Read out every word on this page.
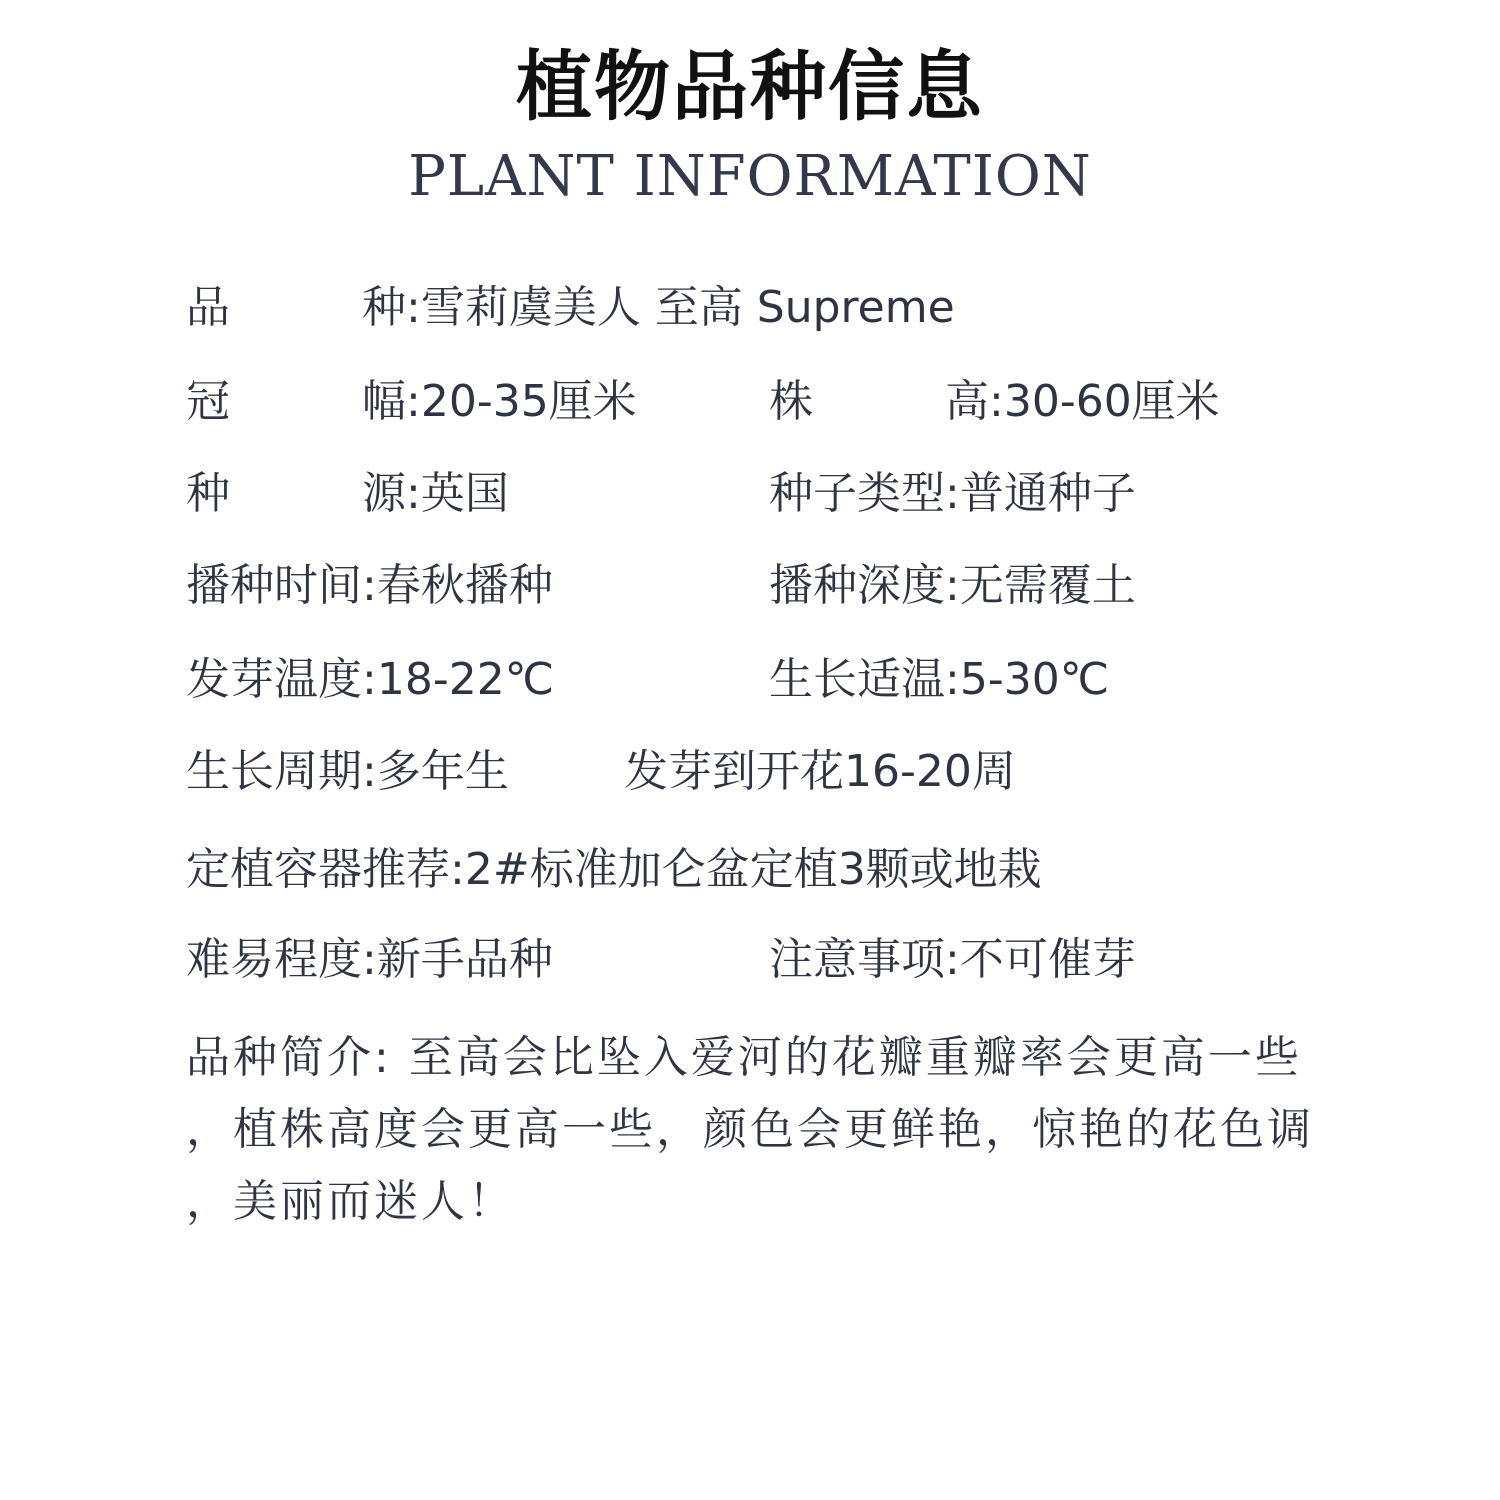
植物品种信息
PLANT INFORMATION
品	种 :雪莉虞美人 至高 Supreme
冠	幅 :20-35厘米	株	高 :30-60厘米
种	源 :英国	种子类型:普通种子
播种时间:春秋播种	播种深度:无需覆土
发芽温度:18-22℃	生长适温:5-30℃
生长周期:多年生	发芽到开花16-20周
定植容器推荐:2#标准加仑盆定植3颗或地栽
难易程度:新手品种	注意事项:不可催芽
品种简介: 至高会比坠入爱河的花瓣重瓣率会更高一些
，植株高度会更高一些，颜色会更鲜艳，惊艳的花色调
，美丽而迷人！
